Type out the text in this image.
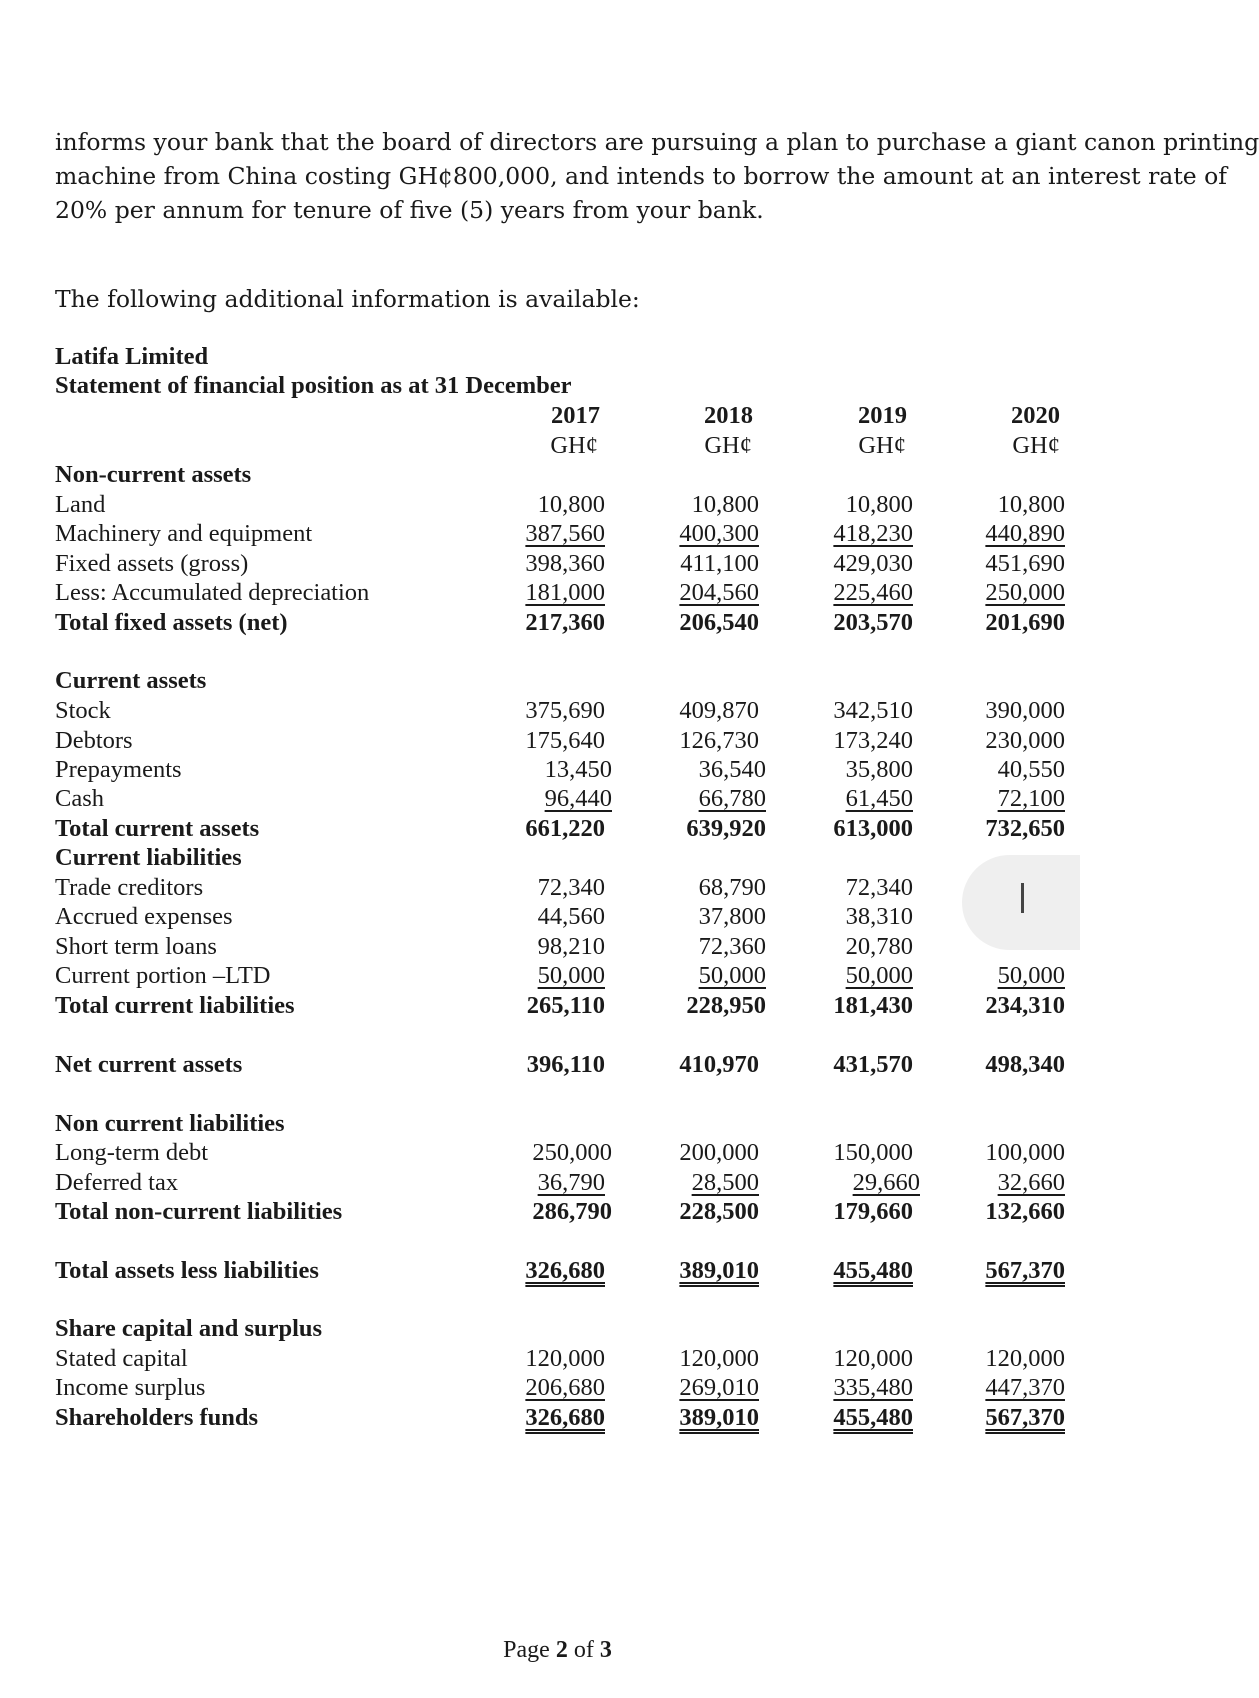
informs your bank that the board of directors are pursuing a plan to purchase a giant canon printing
machine from China costing GH¢800,000, and intends to borrow the amount at an interest rate of
20% per annum for tenure of five (5) years from your bank.
The following additional information is available:
Latifa Limited
Statement of financial position as at 31 December
2017	2018	2019	2020
GH¢	GH¢	GH¢	GH¢
Non-current assets
Land	10,800	10,800	10,800	10,800
Machinery and equipment	387,560	400,300	418,230	440,890
Fixed assets (gross)	398,360	411,100	429,030	451,690
Less: Accumulated depreciation	181,000	204,560	225,460	250,000
Total fixed assets (net)	217,360	206,540	203,570	201,690
Current assets
Stock	375,690	409,870	342,510	390,000
Debtors	175,640	126,730	173,240	230,000
Prepayments	13,450	36,540	35,800	40,550
Cash	96,440	66,780	61,450	72,100
Total current assets	661,220	639,920	613,000	732,650
Current liabilities
Trade creditors	72,340	68,790	72,340
Accrued expenses	44,560	37,800	38,310
Short term loans	98,210	72,360	20,780
Current portion –LTD	50,000	50,000	50,000	50,000
Total current liabilities	265,110	228,950	181,430	234,310
Net current assets	396,110	410,970	431,570	498,340
Non current liabilities
Long-term debt	250,000	200,000	150,000	100,000
Deferred tax	36,790	28,500	29,660	32,660
Total non-current liabilities	286,790	228,500	179,660	132,660
Total assets less liabilities	326,680	389,010	455,480	567,370
Share capital and surplus
Stated capital	120,000	120,000	120,000	120,000
Income surplus	206,680	269,010	335,480	447,370
Shareholders funds	326,680	389,010	455,480	567,370
Page 2 of 3
